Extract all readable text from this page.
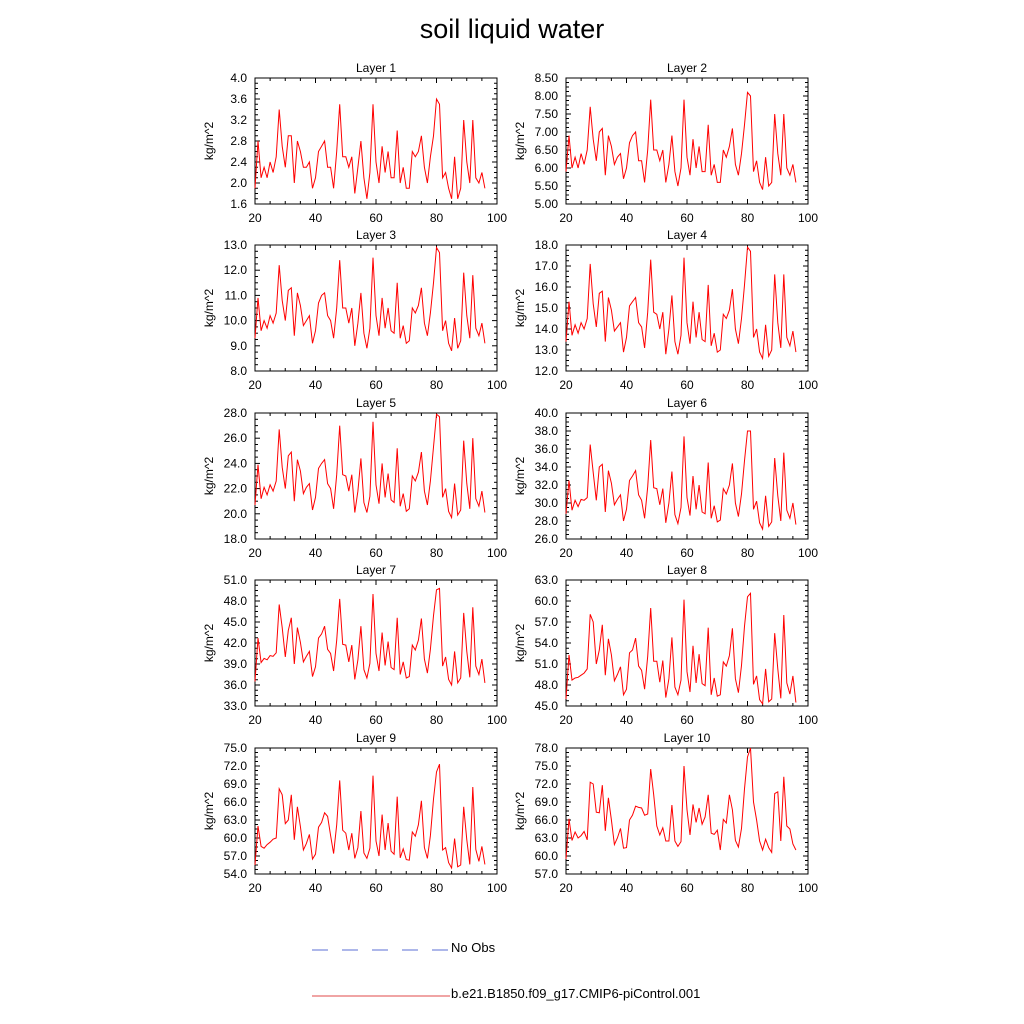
soil liquid water
Layer 1
kg/m^2
1.6
2.0
2.4
2.8
3.2
3.6
4.0
20	40	60	80	100
Layer 2
kg/m^2
5.00
5.50
6.00
6.50
7.00
7.50
8.00
8.50
20	40	60	80	100
Layer 3
kg/m^2
8.0
9.0
10.0
11.0
12.0
13.0
20	40	60	80	100
Layer 4
kg/m^2
12.0
13.0
14.0
15.0
16.0
17.0
18.0
20	40	60	80	100
Layer 5
kg/m^2
18.0
20.0
22.0
24.0
26.0
28.0
20	40	60	80	100
Layer 6
kg/m^2
26.0
28.0
30.0
32.0
34.0
36.0
38.0
40.0
20	40	60	80	100
Layer 7
kg/m^2
33.0
36.0
39.0
42.0
45.0
48.0
51.0
20	40	60	80	100
Layer 8
kg/m^2
45.0
48.0
51.0
54.0
57.0
60.0
63.0
20	40	60	80	100
Layer 9
kg/m^2
54.0
57.0
60.0
63.0
66.0
69.0
72.0
75.0
20	40	60	80	100
Layer 10
kg/m^2
57.0
60.0
63.0
66.0
69.0
72.0
75.0
78.0
20	40	60	80	100
No Obs
b.e21.B1850.f09_g17.CMIP6-piControl.001
